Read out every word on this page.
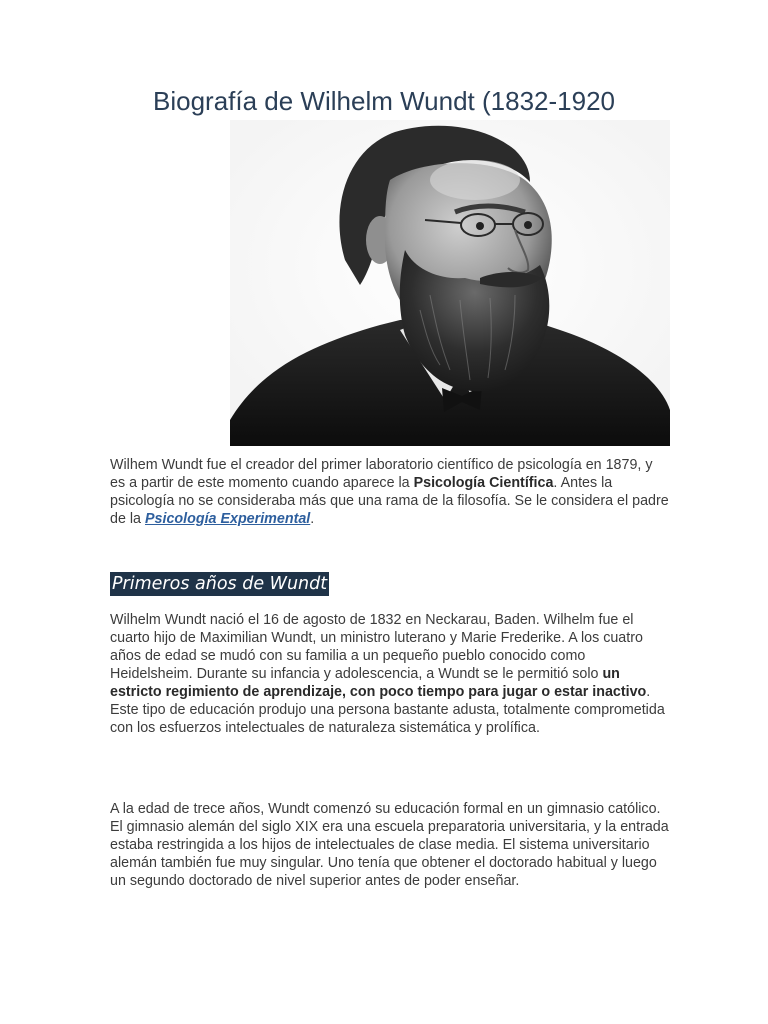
Biografía de Wilhelm Wundt (1832-1920

Wilhem Wundt fue el creador del primer laboratorio científico de psicología en 1879, y es a partir de este momento cuando aparece la Psicología Científica. Antes la psicología no se consideraba más que una rama de la filosofía. Se le considera el padre de la Psicología Experimental.

Primeros años de Wundt

Wilhelm Wundt nació el 16 de agosto de 1832 en Neckarau, Baden. Wilhelm fue el cuarto hijo de Maximilian Wundt, un ministro luterano y Marie Frederike. A los cuatro años de edad se mudó con su familia a un pequeño pueblo conocido como Heidelsheim. Durante su infancia y adolescencia, a Wundt se le permitió solo un estricto regimiento de aprendizaje, con poco tiempo para jugar o estar inactivo. Este tipo de educación produjo una persona bastante adusta, totalmente comprometida con los esfuerzos intelectuales de naturaleza sistemática y prolífica.

A la edad de trece años, Wundt comenzó su educación formal en un gimnasio católico. El gimnasio alemán del siglo XIX era una escuela preparatoria universitaria, y la entrada estaba restringida a los hijos de intelectuales de clase media. El sistema universitario alemán también fue muy singular. Uno tenía que obtener el doctorado habitual y luego un segundo doctorado de nivel superior antes de poder enseñar.
